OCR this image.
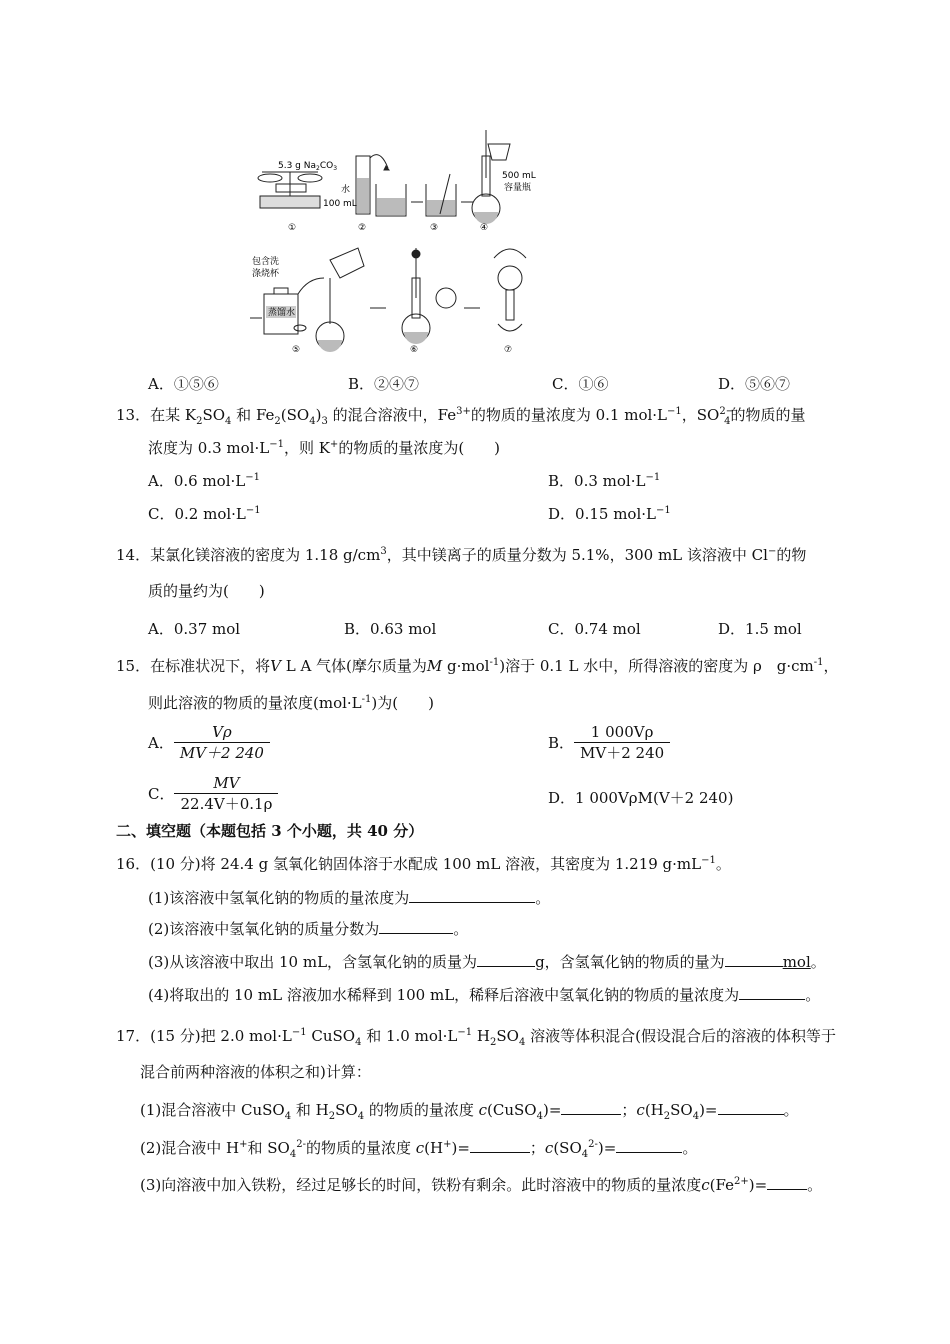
5.3 g $Na_2CO_3$
水
100 mL
500 mL
容量瓶
①	②	③	④
包含洗
涤烧杯
蒸馏水
⑤	⑥	⑦
A．①⑤⑥	B．②④⑦	C．①⑥	D．⑤⑥⑦
13．在某 $K_2SO_4$ 和 $Fe_2(SO_4)_3$ 的混合溶液中，$Fe^{3+}$的物质的量浓度为 0.1 $mol\cdot L^{-1}$，$SO^{2-}_4$的物质的量
浓度为 0.3 $mol\cdot L^{-1}$，则 K+的物质的量浓度为(　　)
A．0.6 $mol\cdot L^{-1}$	B．0.3 $mol\cdot L^{-1}$
C．0.2 $mol\cdot L^{-1}$	D．0.15 $mol\cdot L^{-1}$
14．某氯化镁溶液的密度为 1.18 $g/cm^3$，其中镁离子的质量分数为 5.1%，300 mL 该溶液中 Cl−的物
质的量约为(　　)
A．0.37 mol	B．0.63 mol	C．0.74 mol	D．1.5 mol
15．在标准状况下，将V L A 气体(摩尔质量为M g·mol$^{-1}$)溶于 0.1 L 水中，所得溶液的密度为 ρ　$g\cdot cm^{-1}$，
则此溶液的物质的量浓度$(mol\cdot L^{-1})$为(　　)
A． $\frac{V\rho}{MV+2 240}$	B． $\frac{1 000V\rho}{MV+2 240}$
C． $\frac{MV}{22.4V+0.1\rho}$	D．1 000VρM(V＋2 240)
二、填空题（本题包括 3 个小题，共 40 分）
16．(10 分)将 24.4 g 氢氧化钠固体溶于水配成 100 mL 溶液，其密度为 1.219 $g\cdot mL^{-1}$。
(1)该溶液中氢氧化钠的物质的量浓度为	。
(2)该溶液中氢氧化钠的质量分数为	。
(3)从该溶液中取出 10 mL，含氢氧化钠的质量为	g，含氢氧化钠的物质的量为	mol。
(4)将取出的 10 mL 溶液加水稀释到 100 mL，稀释后溶液中氢氧化钠的物质的量浓度为	。
17．(15 分)把 2.0 $mol\cdot L^{-1}$ CuSO$_4$ 和 1.0 $mol\cdot L^{-1}$ $H_2SO_4$ 溶液等体积混合(假设混合后的溶液的体积等于
混合前两种溶液的体积之和)计算：
(1)混合溶液中 CuSO$_4$ 和 $H_2SO_4$ 的物质的量浓度 c(CuSO$_4$)=	；$c(H_2SO_4)=$	。
(2)混合液中 H+和 $SO_4^{2-}$的物质的量浓度 c(H+)=	；$c(SO_4^{2-})=$	。
(3)向溶液中加入铁粉，经过足够长的时间，铁粉有剩余。此时溶液中的物质的量浓度$c(Fe^{2+})=$	。
